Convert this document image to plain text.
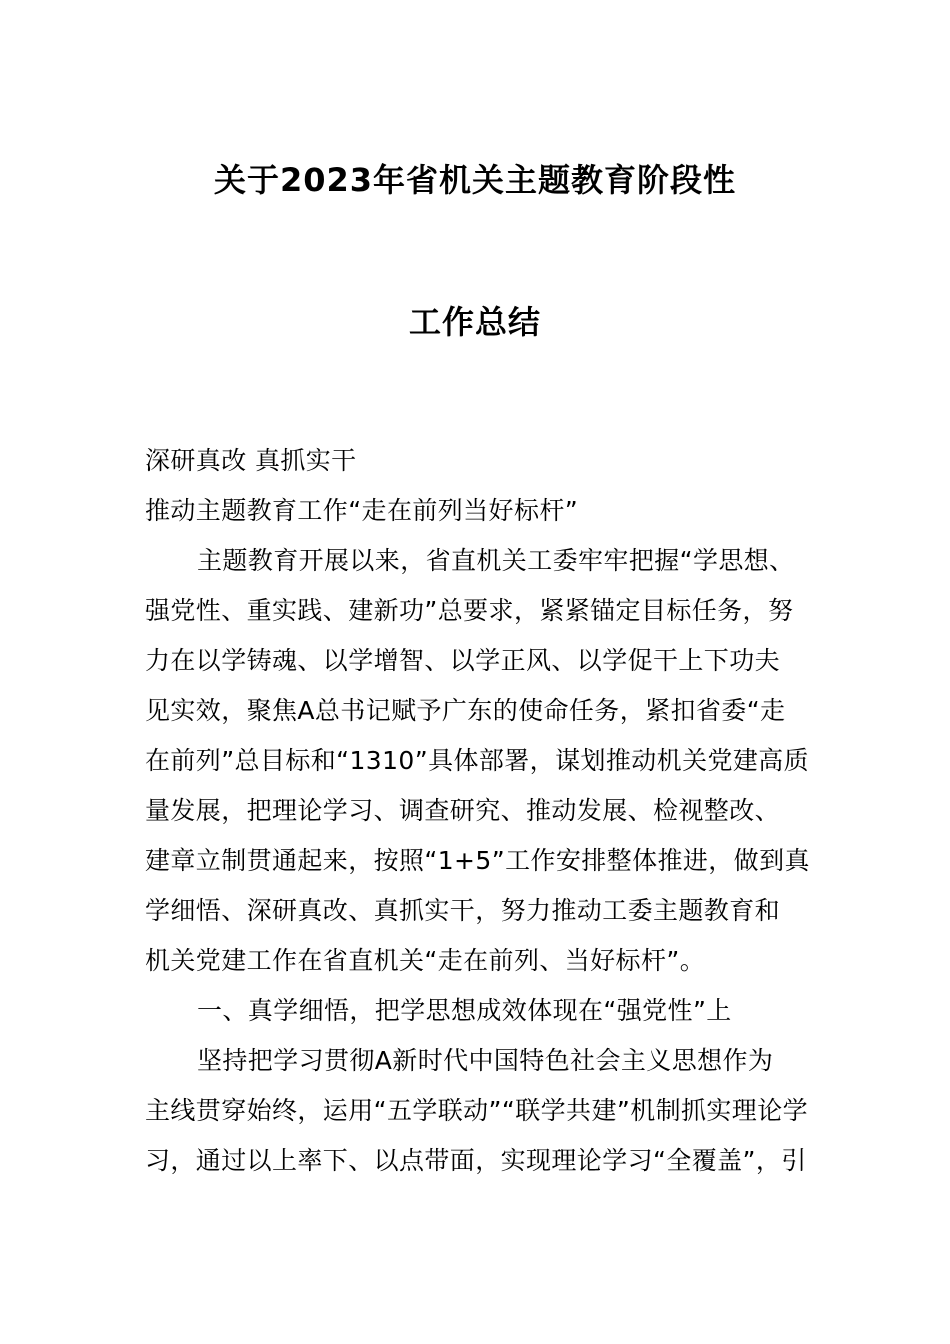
关于2023年省机关主题教育阶段性
工作总结
深研真改 真抓实干
推动主题教育工作“走在前列当好标杆”
主题教育开展以来，省直机关工委牢牢把握“学思想、
强党性、重实践、建新功”总要求，紧紧锚定目标任务，努
力在以学铸魂、以学增智、以学正风、以学促干上下功夫
见实效，聚焦A总书记赋予广东的使命任务，紧扣省委“走
在前列”总目标和“1310”具体部署，谋划推动机关党建高质
量发展，把理论学习、调查研究、推动发展、检视整改、
建章立制贯通起来，按照“1+5”工作安排整体推进，做到真
学细悟、深研真改、真抓实干，努力推动工委主题教育和
机关党建工作在省直机关“走在前列、当好标杆”。
一、真学细悟，把学思想成效体现在“强党性”上
坚持把学习贯彻A新时代中国特色社会主义思想作为
主线贯穿始终，运用“五学联动”“联学共建”机制抓实理论学
习，通过以上率下、以点带面，实现理论学习“全覆盖”，引
